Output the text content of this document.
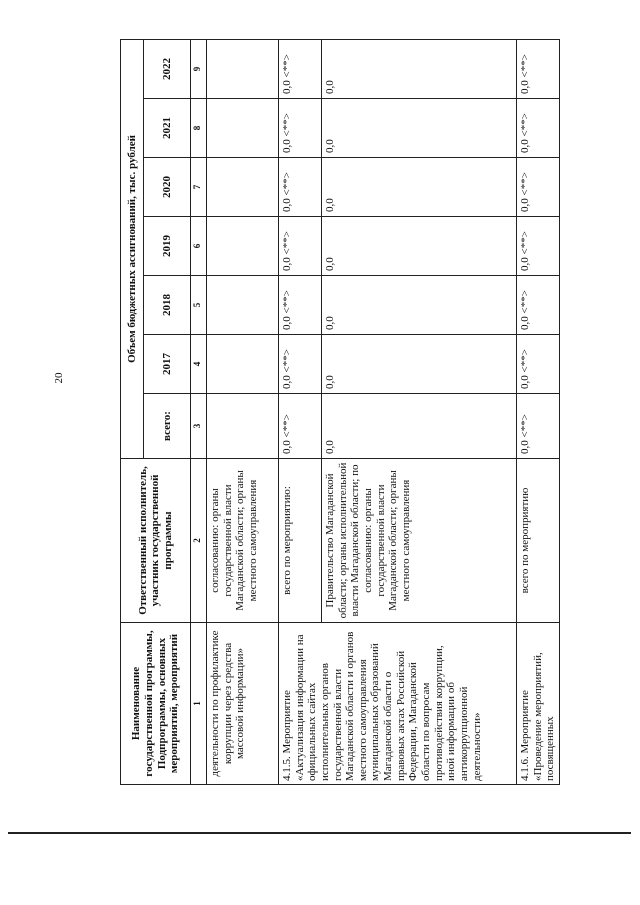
20
Наименование государственной программы, Подпрограммы, основных мероприятий, мероприятий	Ответственный исполнитель, участник государственной программы	Объем бюджетных ассигнований, тыс. рублей						
		всего:	2017	2018	2019	2020	2021	2022
1	2	3	4	5	6	7	8	9
деятельности по профилактике коррупции через средства массовой информации»	согласованию: органы государственной власти Магаданской области; органы местного самоуправления							
4.1.5. Мероприятие «Актуализация информации на официальных сайтах исполнительных органов государственной власти Магаданской области и органов местного самоуправления муниципальных образований Магаданской области о правовых актах Российской Федерации, Магаданской области по вопросам противодействия коррупции, иной информации об антикоррупционной деятельности»	всего по мероприятию:	0,0 <**>	0,0 <**>	0,0 <**>	0,0 <**>	0,0 <**>	0,0 <**>	0,0 <**>
	Правительство Магаданской области; органы исполнительной власти Магаданской области; по согласованию: органы государственной власти Магаданской области; органы местного самоуправления	0,0	0,0	0,0	0,0	0,0	0,0	0,0
4.1.6. Мероприятие «Проведение мероприятий, посвященных	всего по мероприятию	0,0 <**>	0,0 <**>	0,0 <**>	0,0 <**>	0,0 <**>	0,0 <**>	0,0 <**>
